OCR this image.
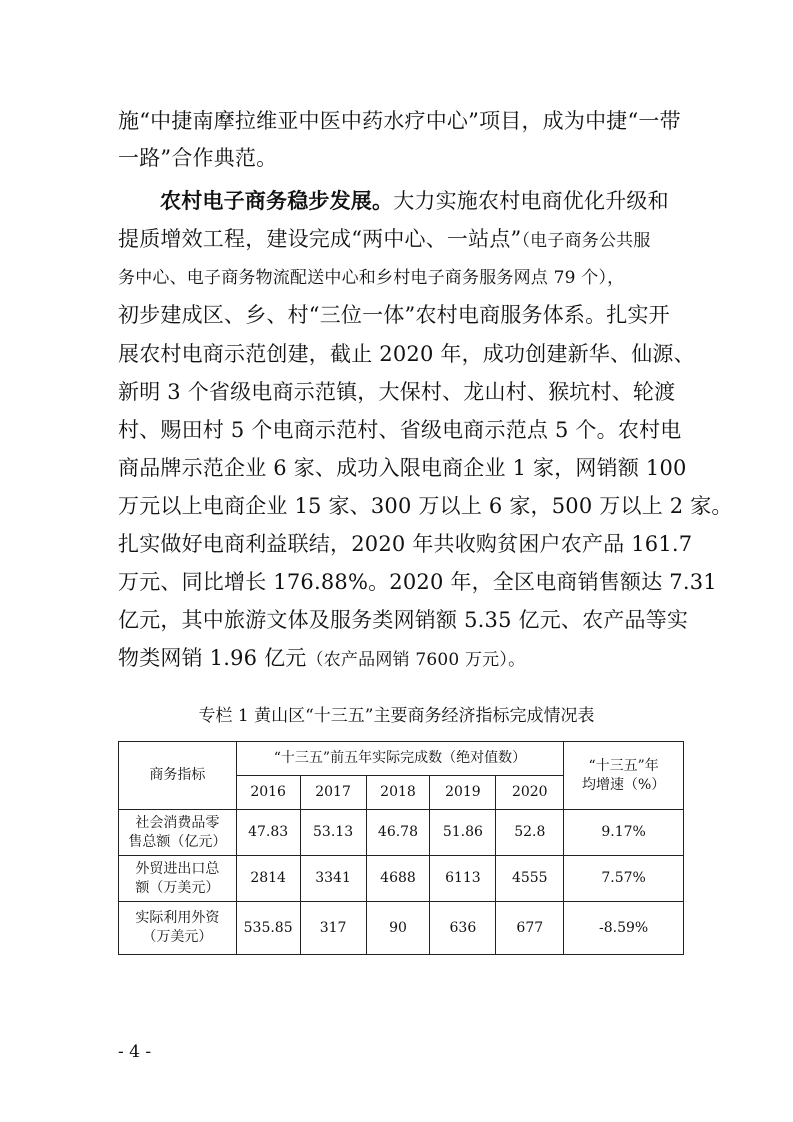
施“中捷南摩拉维亚中医中药水疗中心”项目，成为中捷“一带
一路”合作典范。
农村电子商务稳步发展。大力实施农村电商优化升级和
提质增效工程，建设完成“两中心、一站点”（电子商务公共服
务中心、电子商务物流配送中心和乡村电子商务服务网点 79 个），
初步建成区、乡、村“三位一体”农村电商服务体系。扎实开
展农村电商示范创建，截止 2020 年，成功创建新华、仙源、
新明 3 个省级电商示范镇，大保村、龙山村、猴坑村、轮渡
村、赐田村 5 个电商示范村、省级电商示范点 5 个。农村电
商品牌示范企业 6 家、成功入限电商企业 1 家，网销额 100
万元以上电商企业 15 家、300 万以上 6 家，500 万以上 2 家。
扎实做好电商利益联结，2020 年共收购贫困户农产品 161.7
万元、同比增长 176.88%。2020 年，全区电商销售额达 7.31
亿元，其中旅游文体及服务类网销额 5.35 亿元、农产品等实
物类网销 1.96 亿元（农产品网销 7600 万元）。
专栏 1 黄山区“十三五”主要商务经济指标完成情况表
商务指标	“十三五”前五年实际完成数（绝对值数）					“十三五”年
均增速（%）

	2016	2017	2018	2019	2020	

社会消费品零
售总额（亿元）	47.83	53.13	46.78	51.86	52.8	9.17%

外贸进出口总
额（万美元）	2814	3341	4688	6113	4555	7.57%

实际利用外资
（万美元）	535.85	317	90	636	677	-8.59%
- 4 -
